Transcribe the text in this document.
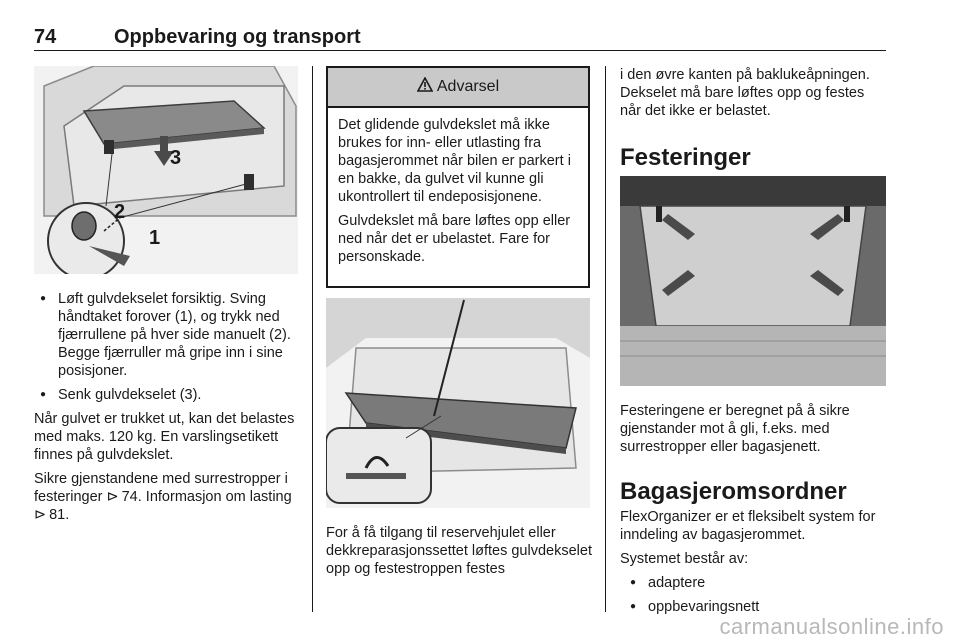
74	Oppbevaring og transport
3
2
1
● Løft gulvdekselet forsiktig. Sving håndtaket forover (1), og trykk ned fjærrullene på hver side manuelt (2). Begge fjærruller må gripe inn i sine posisjoner.
● Senk gulvdekselet (3).

Når gulvet er trukket ut, kan det belastes med maks. 120 kg. En varslingsetikett finnes på gulvdekslet.

Sikre gjenstandene med surrestropper i festeringer ⊳  74. Informasjon om lasting ⊳  81.

Advarsel

Det glidende gulvdekslet må ikke brukes for inn- eller utlasting fra bagasjerommet når bilen er parkert i en bakke, da gulvet vil kunne gli ukontrollert til endeposisjonene.

Gulvdekslet må bare løftes opp eller ned når det er ubelastet. Fare for personskade.

For å få tilgang til reservehjulet eller dekkreparasjonssettet løftes gulvdekselet opp og festestroppen festes

i den øvre kanten på baklukeåpningen. Dekselet må bare løftes opp og festes når det ikke er belastet.

Festeringer

Festeringene er beregnet på å sikre gjenstander mot å gli, f.eks. med surrestropper eller bagasjenett.

Bagasjeromsordner

FlexOrganizer er et fleksibelt system for inndeling av bagasjerommet.

Systemet består av:

● adaptere
● oppbevaringsnett
carmanualsonline.info
